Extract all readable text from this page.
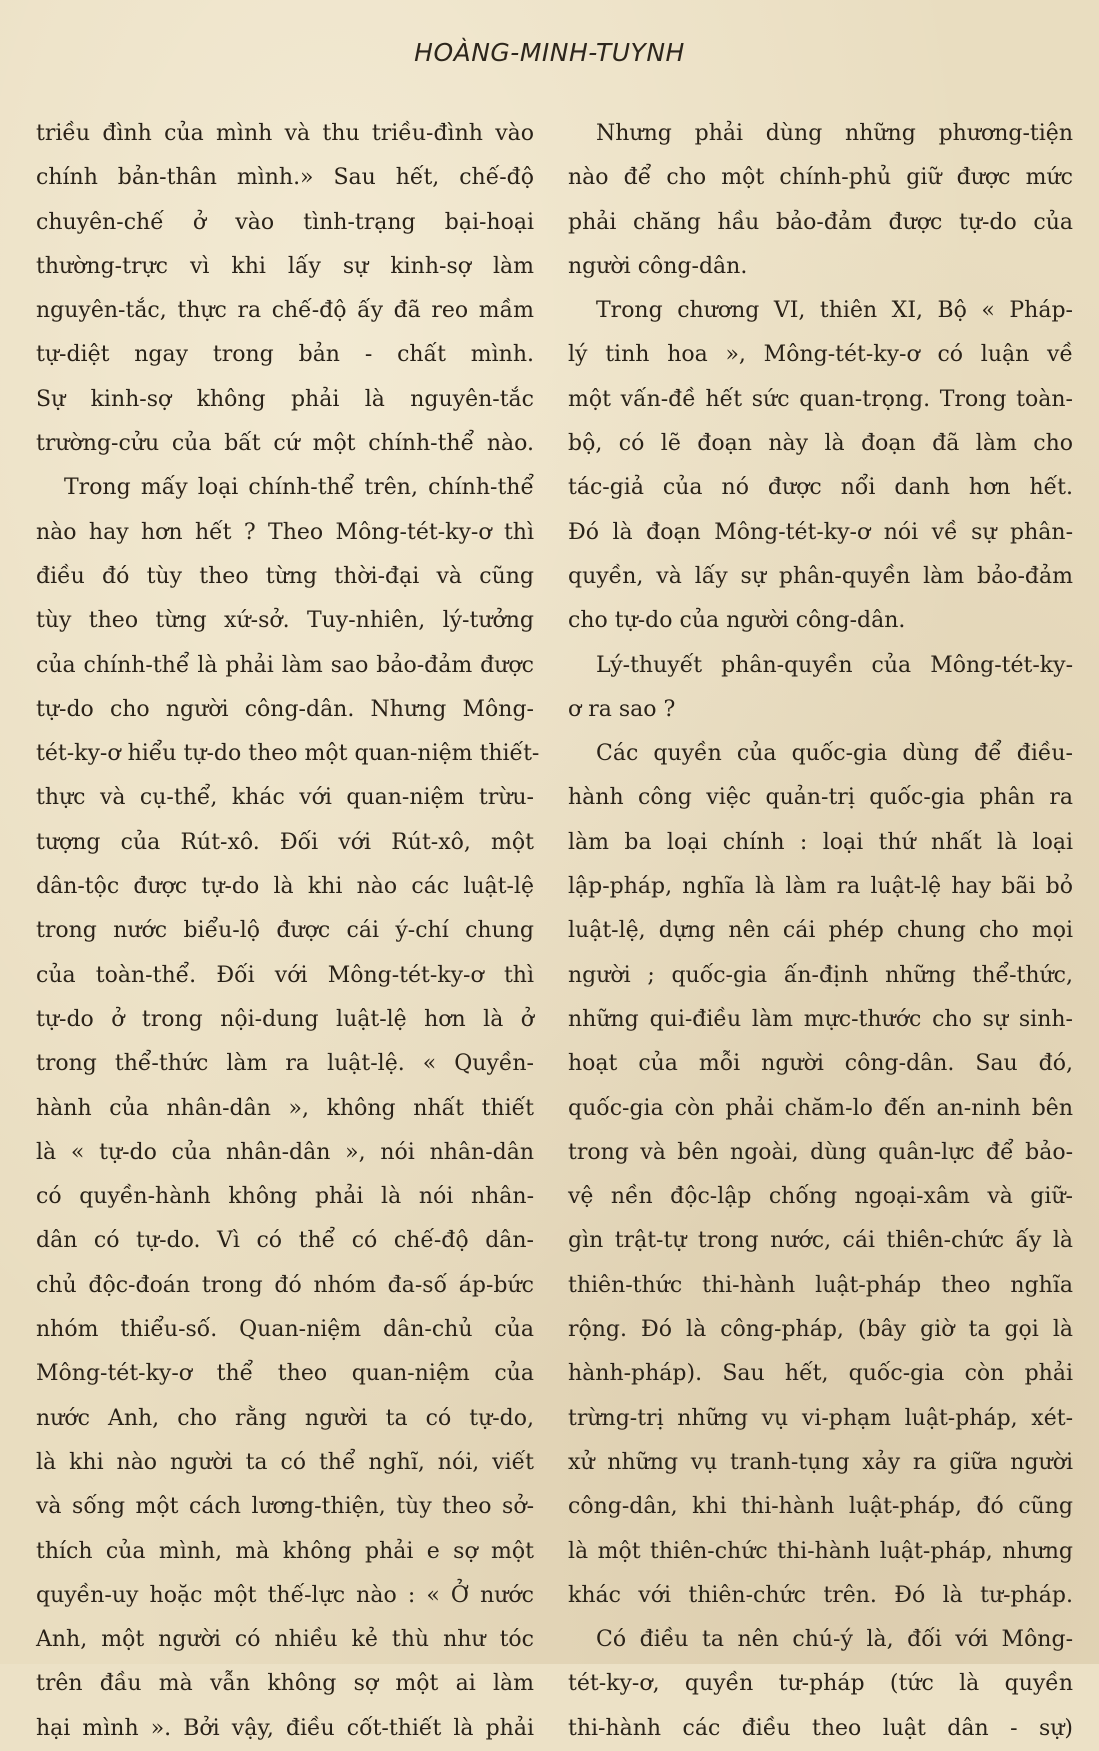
HOÀNG-MINH-TUYNH
triều đình của mình và thu triều-đình vào
chính bản-thân mình.» Sau hết, chế-độ
chuyên-chế ở vào tình-trạng bại-hoại
thường-trực vì khi lấy sự kinh-sợ làm
nguyên-tắc, thực ra chế-độ ấy đã reo mầm
tự-diệt ngay trong bản - chất mình.
Sự kinh-sợ không phải là nguyên-tắc
trường-cửu của bất cứ một chính-thể nào.
Trong mấy loại chính-thể trên, chính-thể
nào hay hơn hết ? Theo Mông-tét-ky-ơ thì
điều đó tùy theo từng thời-đại và cũng
tùy theo từng xứ-sở. Tuy-nhiên, lý-tưởng
của chính-thể là phải làm sao bảo-đảm được
tự-do cho người công-dân. Nhưng Mông-
tét-ky-ơ hiểu tự-do theo một quan-niệm thiết-
thực và cụ-thể, khác với quan-niệm trừu-
tượng của Rút-xô. Đối với Rút-xô, một
dân-tộc được tự-do là khi nào các luật-lệ
trong nước biểu-lộ được cái ý-chí chung
của toàn-thể. Đối với Mông-tét-ky-ơ thì
tự-do ở trong nội-dung luật-lệ hơn là ở
trong thể-thức làm ra luật-lệ. « Quyền-
hành của nhân-dân », không nhất thiết
là « tự-do của nhân-dân », nói nhân-dân
có quyền-hành không phải là nói nhân-
dân có tự-do. Vì có thể có chế-độ dân-
chủ độc-đoán trong đó nhóm đa-số áp-bức
nhóm thiểu-số. Quan-niệm dân-chủ của
Mông-tét-ky-ơ thể theo quan-niệm của
nước Anh, cho rằng người ta có tự-do,
là khi nào người ta có thể nghĩ, nói, viết
và sống một cách lương-thiện, tùy theo sở-
thích của mình, mà không phải e sợ một
quyền-uy hoặc một thế-lực nào : « Ở nước
Anh, một người có nhiều kẻ thù như tóc
trên đầu mà vẫn không sợ một ai làm
hại mình ». Bởi vậy, điều cốt-thiết là phải
Nhưng phải dùng những phương-tiện
nào để cho một chính-phủ giữ được mức
phải chăng hầu bảo-đảm được tự-do của
người công-dân.
Trong chương VI, thiên XI, Bộ « Pháp-
lý tinh hoa », Mông-tét-ky-ơ có luận về
một vấn-đề hết sức quan-trọng. Trong toàn-
bộ, có lẽ đoạn này là đoạn đã làm cho
tác-giả của nó được nổi danh hơn hết.
Đó là đoạn Mông-tét-ky-ơ nói về sự phân-
quyền, và lấy sự phân-quyền làm bảo-đảm
cho tự-do của người công-dân.
Lý-thuyết phân-quyền của Mông-tét-ky-
ơ ra sao ?
Các quyền của quốc-gia dùng để điều-
hành công việc quản-trị quốc-gia phân ra
làm ba loại chính : loại thứ nhất là loại
lập-pháp, nghĩa là làm ra luật-lệ hay bãi bỏ
luật-lệ, dựng nên cái phép chung cho mọi
người ; quốc-gia ấn-định những thể-thức,
những qui-điều làm mực-thước cho sự sinh-
hoạt của mỗi người công-dân. Sau đó,
quốc-gia còn phải chăm-lo đến an-ninh bên
trong và bên ngoài, dùng quân-lực để bảo-
vệ nền độc-lập chống ngoại-xâm và giữ-
gìn trật-tự trong nước, cái thiên-chức ấy là
thiên-thức thi-hành luật-pháp theo nghĩa
rộng. Đó là công-pháp, (bây giờ ta gọi là
hành-pháp). Sau hết, quốc-gia còn phải
trừng-trị những vụ vi-phạm luật-pháp, xét-
xử những vụ tranh-tụng xảy ra giữa người
công-dân, khi thi-hành luật-pháp, đó cũng
là một thiên-chức thi-hành luật-pháp, nhưng
khác với thiên-chức trên. Đó là tư-pháp.
Có điều ta nên chú-ý là, đối với Mông-
tét-ky-ơ, quyền tư-pháp (tức là quyền
thi-hành các điều theo luật dân - sự)
